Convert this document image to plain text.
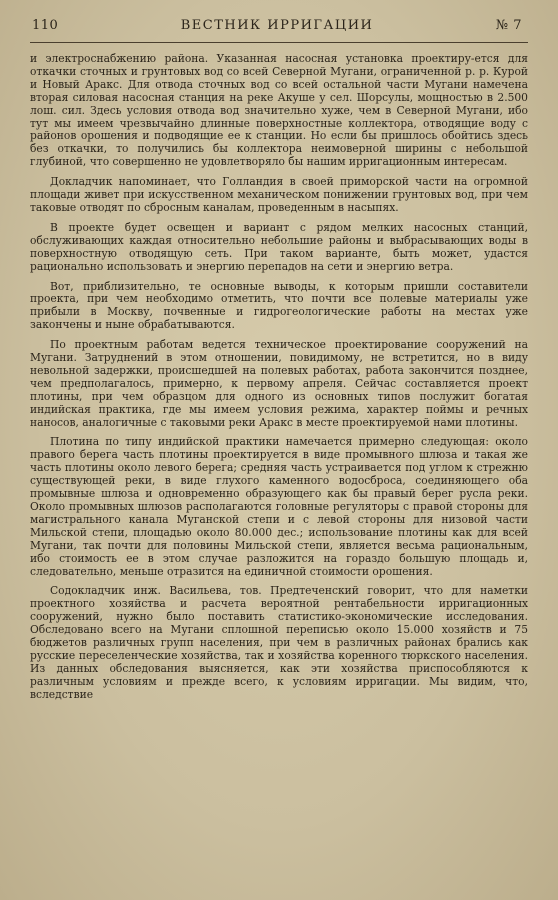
110	ВЕСТНИК ИРРИГАЦИИ	№ 7

и электроснабжению района. Указанная насосная установка проектиру-ется для откачки сточных и грунтовых вод со всей Северной Мугани, ограниченной р. р. Курой и Новый Аракс. Для отвода сточных вод со всей остальной части Мугани намечена вторая силовая насосная станция на реке Акуше у сел. Шорсулы, мощностью в 2.500 лош. сил. Здесь условия отвода вод значительно хуже, чем в Северной Мугани, ибо тут мы имеем чрезвычайно длинные поверхностные коллектора, отводящие воду с районов орошения и подводящие ее к станции. Но если бы пришлось обойтись здесь без откачки, то получились бы коллектора неимоверной ширины с небольшой глубиной, что совершенно не удовлетворяло бы нашим ирригационным интересам.

Докладчик напоминает, что Голландия в своей приморской части на огромной площади живет при искусственном механическом понижении грунтовых вод, при чем таковые отводят по сбросным каналам, проведенным в насыпях.

В проекте будет освещен и вариант с рядом мелких насосных станций, обслуживающих каждая относительно небольшие районы и выбрасывающих воды в поверхностную отводящую сеть. При таком варианте, быть может, удастся рационально использовать и энергию перепадов на сети и энергию ветра.

Вот, приблизительно, те основные выводы, к которым пришли составители проекта, при чем необходимо отметить, что почти все полевые материалы уже прибыли в Москву, почвенные и гидрогеологические работы на местах уже закончены и ныне обрабатываются.

По проектным работам ведется техническое проектирование сооружений на Мугани. Затруднений в этом отношении, повидимому, не встретится, но в виду невольной задержки, происшедшей на полевых работах, работа закончится позднее, чем предполагалось, примерно, к первому апреля. Сейчас составляется проект плотины, при чем образцом для одного из основных типов послужит богатая индийская практика, где мы имеем условия режима, характер поймы и речных наносов, аналогичные с таковыми реки Аракс в месте проектируемой нами плотины.

Плотина по типу индийской практики намечается примерно следующая: около правого берега часть плотины проектируется в виде промывного шлюза и такая же часть плотины около левого берега; средняя часть устраивается под углом к стрежню существующей реки, в виде глухого каменного водосброса, соединяющего оба промывные шлюза и одновременно образующего как бы правый берег русла реки. Около промывных шлюзов располагаются головные регуляторы с правой стороны для магистрального канала Муганской степи и с левой стороны для низовой части Мильской степи, площадью около 80.000 дес.; использование плотины как для всей Мугани, так почти для половины Мильской степи, является весьма рациональным, ибо стоимость ее в этом случае разложится на гораздо большую площадь и, следовательно, меньше отразится на единичной стоимости орошения.

Содокладчик инж. Васильева, тов. Предтеченский говорит, что для наметки проектного хозяйства и расчета вероятной рентабельности ирригационных сооружений, нужно было поставить статистико-экономические исследования. Обследовано всего на Мугани сплошной переписью около 15.000 хозяйств и 75 бюджетов различных групп населения, при чем в различных районах брались как русские переселенческие хозяйства, так и хозяйства коренного тюркского населения. Из данных обследования выясняется, как эти хозяйства приспособляются к различным условиям и прежде всего, к условиям ирригации. Мы видим, что, вследствие
